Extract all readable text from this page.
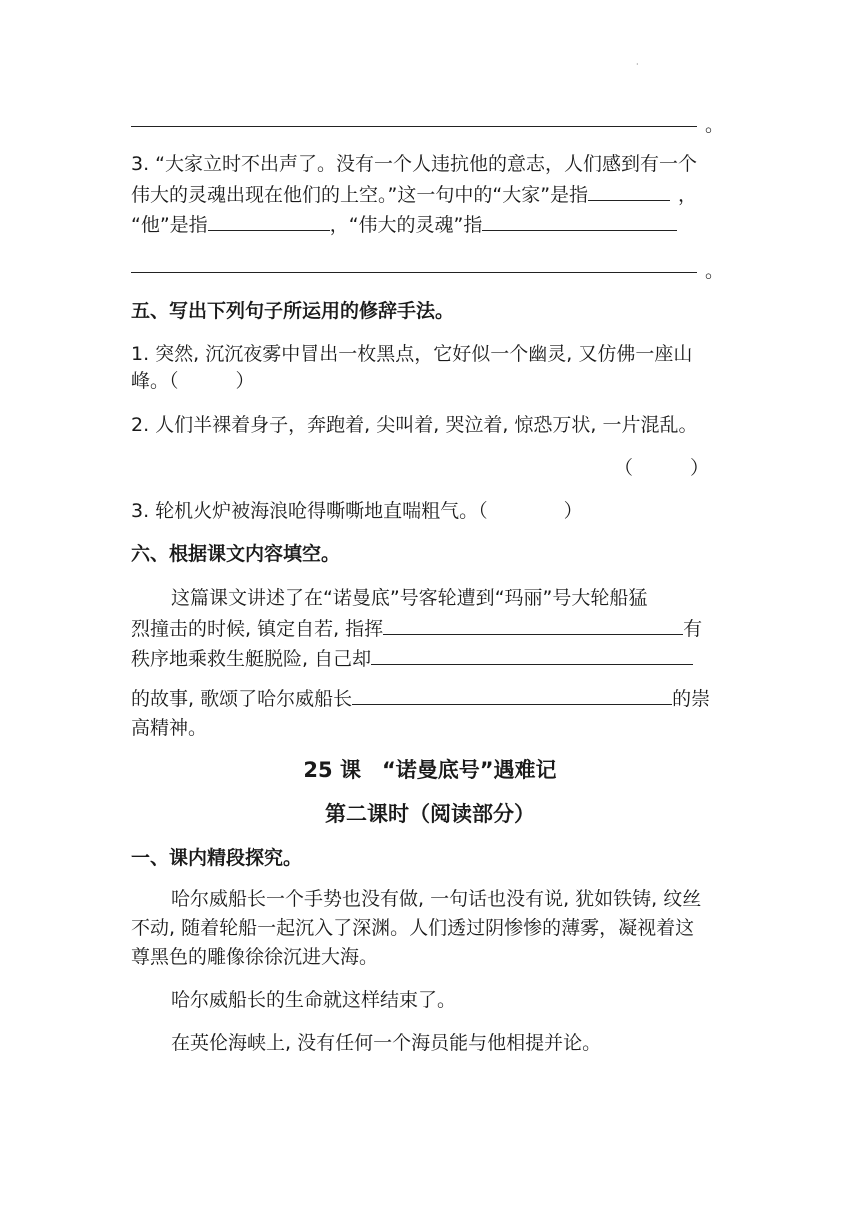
·
。
3. “大家立时不出声了。没有一个人违抗他的意志，人们感到有一个
伟大的灵魂出现在他们的上空。”这一句中的“大家”是指	，
“他”是指	，“伟大的灵魂”指
。
五、写出下列句子所运用的修辞手法。
1. 突然, 沉沉夜雾中冒出一枚黑点，它好似一个幽灵, 又仿佛一座山
峰。（　　　）
2. 人们半裸着身子，奔跑着, 尖叫着, 哭泣着, 惊恐万状, 一片混乱。
（　　　）
3. 轮机火炉被海浪呛得嘶嘶地直喘粗气。（　　　　）
六、根据课文内容填空。
这篇课文讲述了在“诺曼底”号客轮遭到“玛丽”号大轮船猛
烈撞击的时候, 镇定自若, 指挥	有
秩序地乘救生艇脱险, 自己却
的故事, 歌颂了哈尔威船长	的崇
高精神。
25 课　“诺曼底号”遇难记
第二课时（阅读部分）
一、课内精段探究。
哈尔威船长一个手势也没有做, 一句话也没有说, 犹如铁铸, 纹丝
不动, 随着轮船一起沉入了深渊。人们透过阴惨惨的薄雾，凝视着这
尊黑色的雕像徐徐沉进大海。
哈尔威船长的生命就这样结束了。
在英伦海峡上, 没有任何一个海员能与他相提并论。
